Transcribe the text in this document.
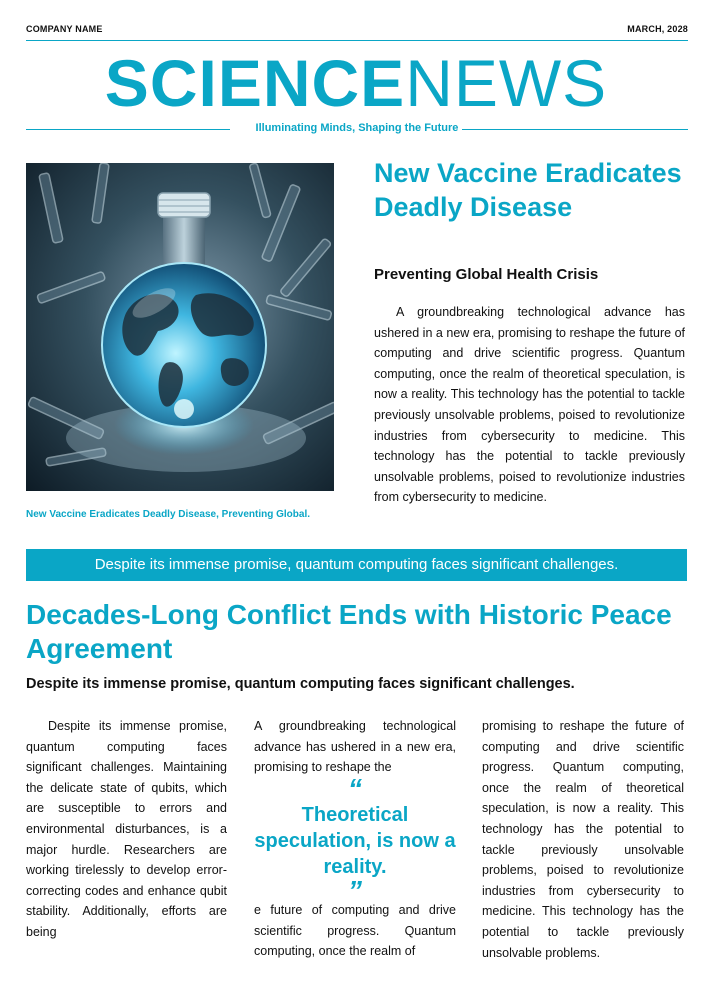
COMPANY NAME	MARCH, 2028
SCIENCENEWS
Illuminating Minds, Shaping the Future
New Vaccine Eradicates Deadly Disease, Preventing Global.
New Vaccine Eradicates Deadly Disease
Preventing Global Health Crisis
A groundbreaking technological advance has ushered in a new era, promising to reshape the future of computing and drive scientific progress. Quantum computing, once the realm of theoretical speculation, is now a reality. This technology has the potential to tackle previously unsolvable problems, poised to revolutionize industries from cybersecurity to medicine. This technology has the potential to tackle previously unsolvable problems, poised to revolutionize industries from cybersecurity to medicine.
Despite its immense promise, quantum computing faces significant challenges.
Decades-Long Conflict Ends with Historic Peace Agreement
Despite its immense promise, quantum computing faces significant challenges.
Despite its immense promise, quantum computing faces significant challenges. Maintaining the delicate state of qubits, which are susceptible to errors and environmental disturbances, is a major hurdle. Researchers are working tirelessly to develop error-correcting codes and enhance qubit stability. Additionally, efforts are being
A groundbreaking technological advance has ushered in a new era, promising to reshape the
“
Theoretical speculation, is now a reality.
”
e future of computing and drive scientific progress. Quantum computing, once the realm of
promising to reshape the future of computing and drive scientific progress. Quantum computing, once the realm of theoretical speculation, is now a reality. This technology has the potential to tackle previously unsolvable problems, poised to revolutionize industries from cybersecurity to medicine. This technology has the potential to tackle previously unsolvable problems.
